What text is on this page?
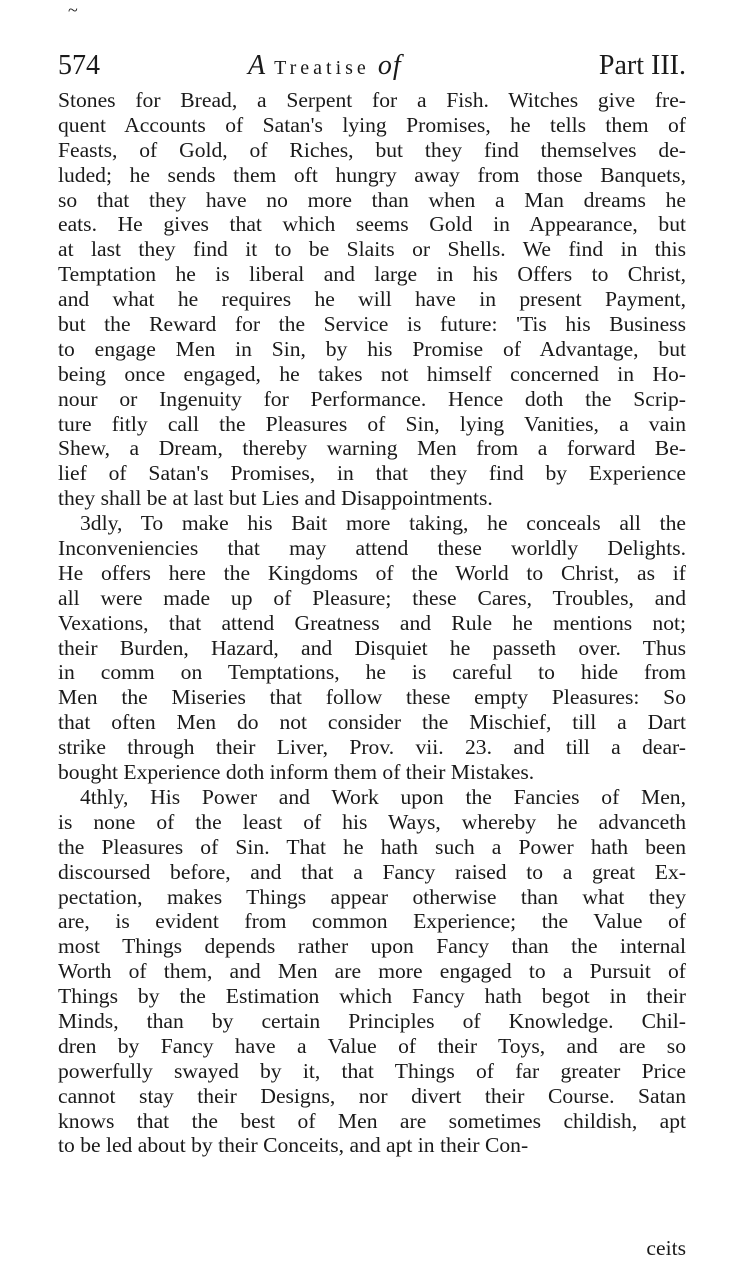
~
574	A Treatise of	Part III.
Stones for Bread, a Serpent for a Fish. Witches give fre-
quent Accounts of Satan's lying Promises, he tells them of
Feasts, of Gold, of Riches, but they find themselves de-
luded; he sends them oft hungry away from those Banquets,
so that they have no more than when a Man dreams he
eats. He gives that which seems Gold in Appearance, but
at last they find it to be Slaits or Shells. We find in this
Temptation he is liberal and large in his Offers to Christ,
and what he requires he will have in present Payment,
but the Reward for the Service is future: 'Tis his Business
to engage Men in Sin, by his Promise of Advantage, but
being once engaged, he takes not himself concerned in Ho-
nour or Ingenuity for Performance. Hence doth the Scrip-
ture fitly call the Pleasures of Sin, lying Vanities, a vain
Shew, a Dream, thereby warning Men from a forward Be-
lief of Satan's Promises, in that they find by Experience
they shall be at last but Lies and Disappointments.
3dly, To make his Bait more taking, he conceals all the
Inconveniencies that may attend these worldly Delights.
He offers here the Kingdoms of the World to Christ, as if
all were made up of Pleasure; these Cares, Troubles, and
Vexations, that attend Greatness and Rule he mentions not;
their Burden, Hazard, and Disquiet he passeth over. Thus
in comm on Temptations, he is careful to hide from
Men the Miseries that follow these empty Pleasures: So
that often Men do not consider the Mischief, till a Dart
strike through their Liver, Prov. vii. 23. and till a dear-
bought Experience doth inform them of their Mistakes.
4thly, His Power and Work upon the Fancies of Men,
is none of the least of his Ways, whereby he advanceth
the Pleasures of Sin. That he hath such a Power hath been
discoursed before, and that a Fancy raised to a great Ex-
pectation, makes Things appear otherwise than what they
are, is evident from common Experience; the Value of
most Things depends rather upon Fancy than the internal
Worth of them, and Men are more engaged to a Pursuit of
Things by the Estimation which Fancy hath begot in their
Minds, than by certain Principles of Knowledge. Chil-
dren by Fancy have a Value of their Toys, and are so
powerfully swayed by it, that Things of far greater Price
cannot stay their Designs, nor divert their Course. Satan
knows that the best of Men are sometimes childish, apt
to be led about by their Conceits, and apt in their Con-
ceits
